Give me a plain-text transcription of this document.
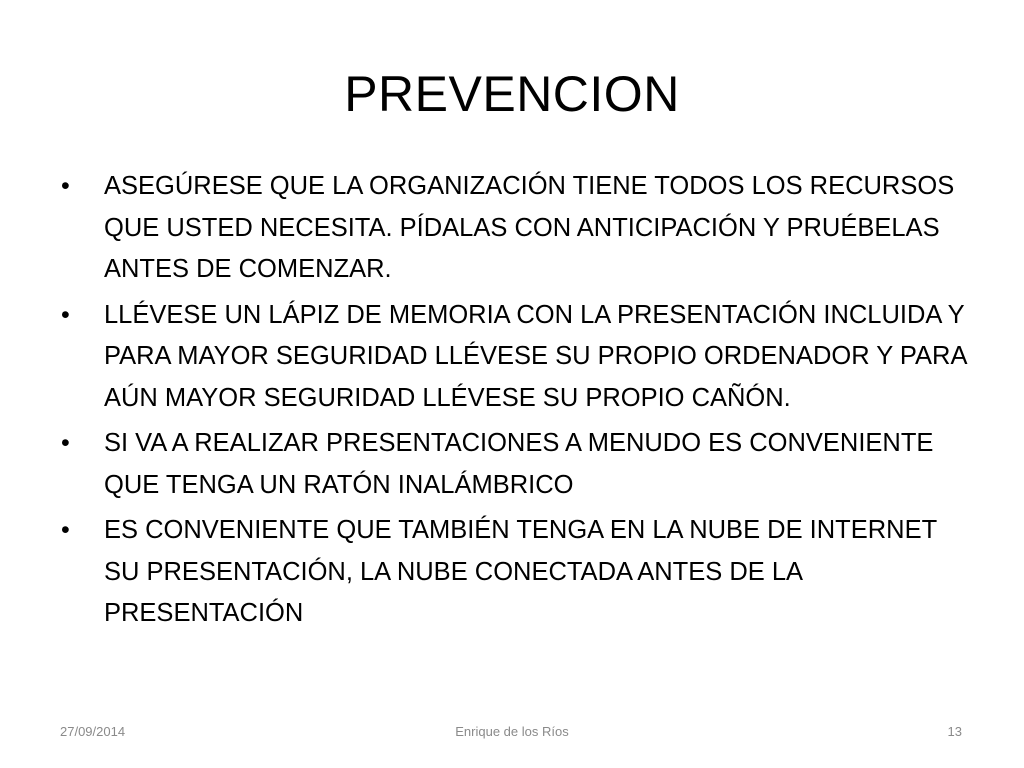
PREVENCION
• ASEGÚRESE QUE LA ORGANIZACIÓN TIENE TODOS LOS RECURSOS QUE USTED NECESITA. PÍDALAS CON ANTICIPACIÓN Y PRUÉBELAS ANTES DE COMENZAR.
• LLÉVESE UN LÁPIZ DE MEMORIA CON LA PRESENTACIÓN INCLUIDA Y PARA MAYOR SEGURIDAD LLÉVESE SU PROPIO ORDENADOR Y PARA AÚN MAYOR SEGURIDAD LLÉVESE SU PROPIO CAÑÓN.
• SI VA A REALIZAR PRESENTACIONES A MENUDO ES CONVENIENTE QUE TENGA UN RATÓN INALÁMBRICO
• ES CONVENIENTE QUE TAMBIÉN TENGA EN LA NUBE DE INTERNET SU PRESENTACIÓN, LA NUBE CONECTADA ANTES DE LA PRESENTACIÓN
27/09/2014	Enrique de los Ríos	13
